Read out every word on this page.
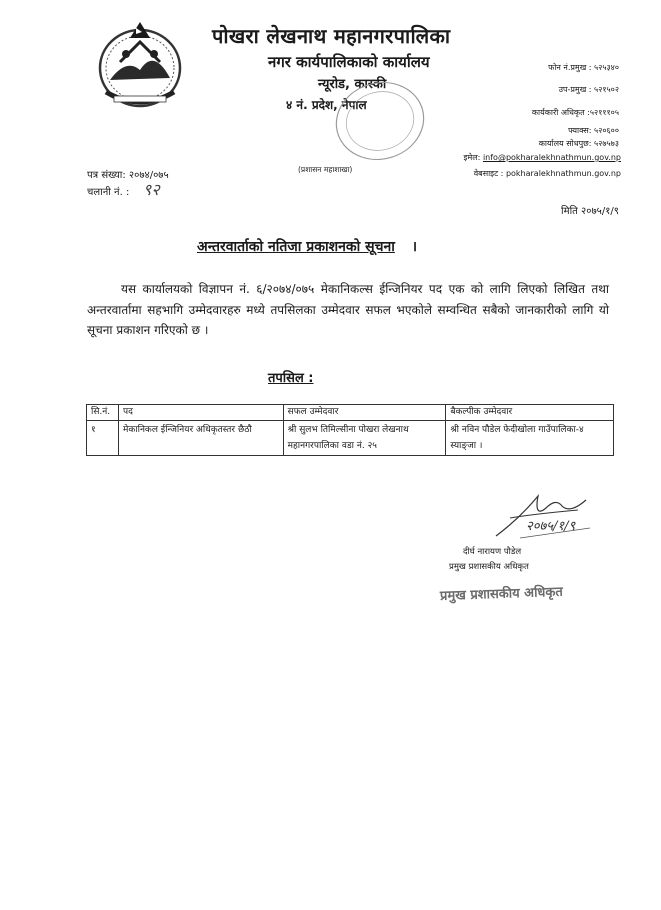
पोखरा लेखनाथ महानगरपालिका
नगर कार्यपालिकाको कार्यालय
न्यूरोड, कास्की
४ नं. प्रदेश, नेपाल
फोन नं.प्रमुख : ५२५३४०
उप-प्रमुख : ५२१५०२
कार्यकारी अधिकृत :५२१११०५
फ्याक्स: ५२०६००
कार्यालय सोधपुछ: ५२७५७३
इमेल: info@pokharalekhnathmun.gov.np
वेबसाइट : pokharalekhnathmun.gov.np
(प्रशासन महाशाखा)
पत्र संख्या: २०७४/०७५
चलानी नं. : ९२
मिति २०७५/१/९
अन्तरवार्ताको नतिजा प्रकाशनको सूचना ।
यस कार्यालयको विज्ञापन नं. ६/२०७४/०७५ मेकानिकल्स ईन्जिनियर पद एक को लागि लिएको लिखित तथा अन्तरवार्तामा सहभागि उम्मेदवारहरु मध्ये तपसिलका उम्मेदवार सफल भएकोले सम्वन्धित सबैको जानकारीको लागि यो सूचना प्रकाशन गरिएको छ ।
तपसिल :
सि.नं.	पद	सफल उम्मेदवार	बैकल्पीक उम्मेदवार
१	मेकानिकल ईन्जिनियर अधिकृतस्तर छैठौ	श्री सुलभ तिमिल्सीना पोखरा लेखनाथ महानगरपालिका वडा नं. २५	श्री नविन पौडेल फेदीखोला गाउँपालिका-४ स्याङ्जा ।
२०७५/१/९
दीर्घ नारायण पौडेल
प्रमुख प्रशासकीय अधिकृत
प्रमुख प्रशासकीय अधिकृत
